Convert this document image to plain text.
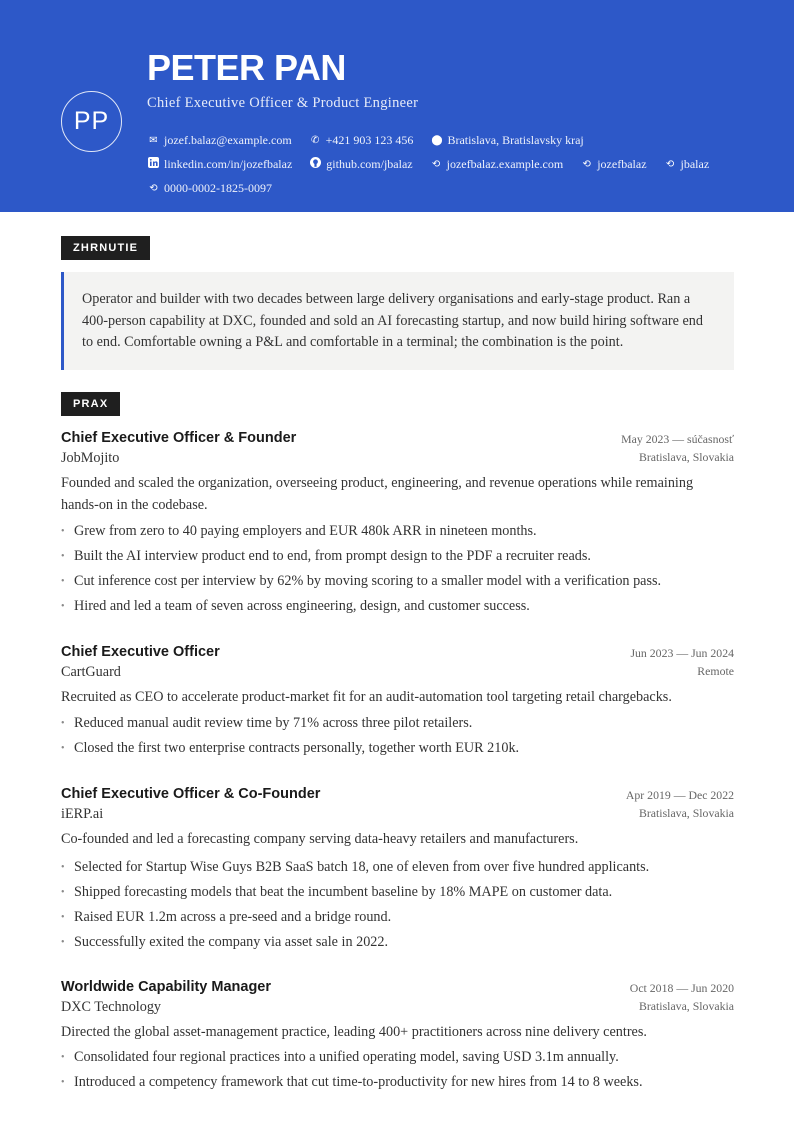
PP
PETER PAN
Chief Executive Officer & Product Engineer
✉ jozef.balaz@example.com ✆ +421 903 123 456 ⬤ Bratislava, Bratislavsky kraj
linkedin.com/in/jozefbalaz	github.com/jbalaz ⟲ jozefbalaz.example.com ⟲ jozefbalaz ⟲ jbalaz
⟲ 0000-0002-1825-0097
ZHRNUTIE
Operator and builder with two decades between large delivery organisations and early-stage product. Ran a 400-person capability at DXC, founded and sold an AI forecasting startup, and now build hiring software end to end. Comfortable owning a P&L and comfortable in a terminal; the combination is the point.
PRAX
Chief Executive Officer & Founder
JobMojito
May 2023 — súčasnosť
Bratislava, Slovakia
Founded and scaled the organization, overseeing product, engineering, and revenue operations while remaining hands-on in the codebase.
• Grew from zero to 40 paying employers and EUR 480k ARR in nineteen months.
• Built the AI interview product end to end, from prompt design to the PDF a recruiter reads.
• Cut inference cost per interview by 62% by moving scoring to a smaller model with a verification pass.
• Hired and led a team of seven across engineering, design, and customer success.
Chief Executive Officer
CartGuard
Jun 2023 — Jun 2024
Remote
Recruited as CEO to accelerate product-market fit for an audit-automation tool targeting retail chargebacks.
• Reduced manual audit review time by 71% across three pilot retailers.
• Closed the first two enterprise contracts personally, together worth EUR 210k.
Chief Executive Officer & Co-Founder
iERP.ai
Apr 2019 — Dec 2022
Bratislava, Slovakia
Co-founded and led a forecasting company serving data-heavy retailers and manufacturers.
• Selected for Startup Wise Guys B2B SaaS batch 18, one of eleven from over five hundred applicants.
• Shipped forecasting models that beat the incumbent baseline by 18% MAPE on customer data.
• Raised EUR 1.2m across a pre-seed and a bridge round.
• Successfully exited the company via asset sale in 2022.
Worldwide Capability Manager
DXC Technology
Oct 2018 — Jun 2020
Bratislava, Slovakia
Directed the global asset-management practice, leading 400+ practitioners across nine delivery centres.
• Consolidated four regional practices into a unified operating model, saving USD 3.1m annually.
• Introduced a competency framework that cut time-to-productivity for new hires from 14 to 8 weeks.
